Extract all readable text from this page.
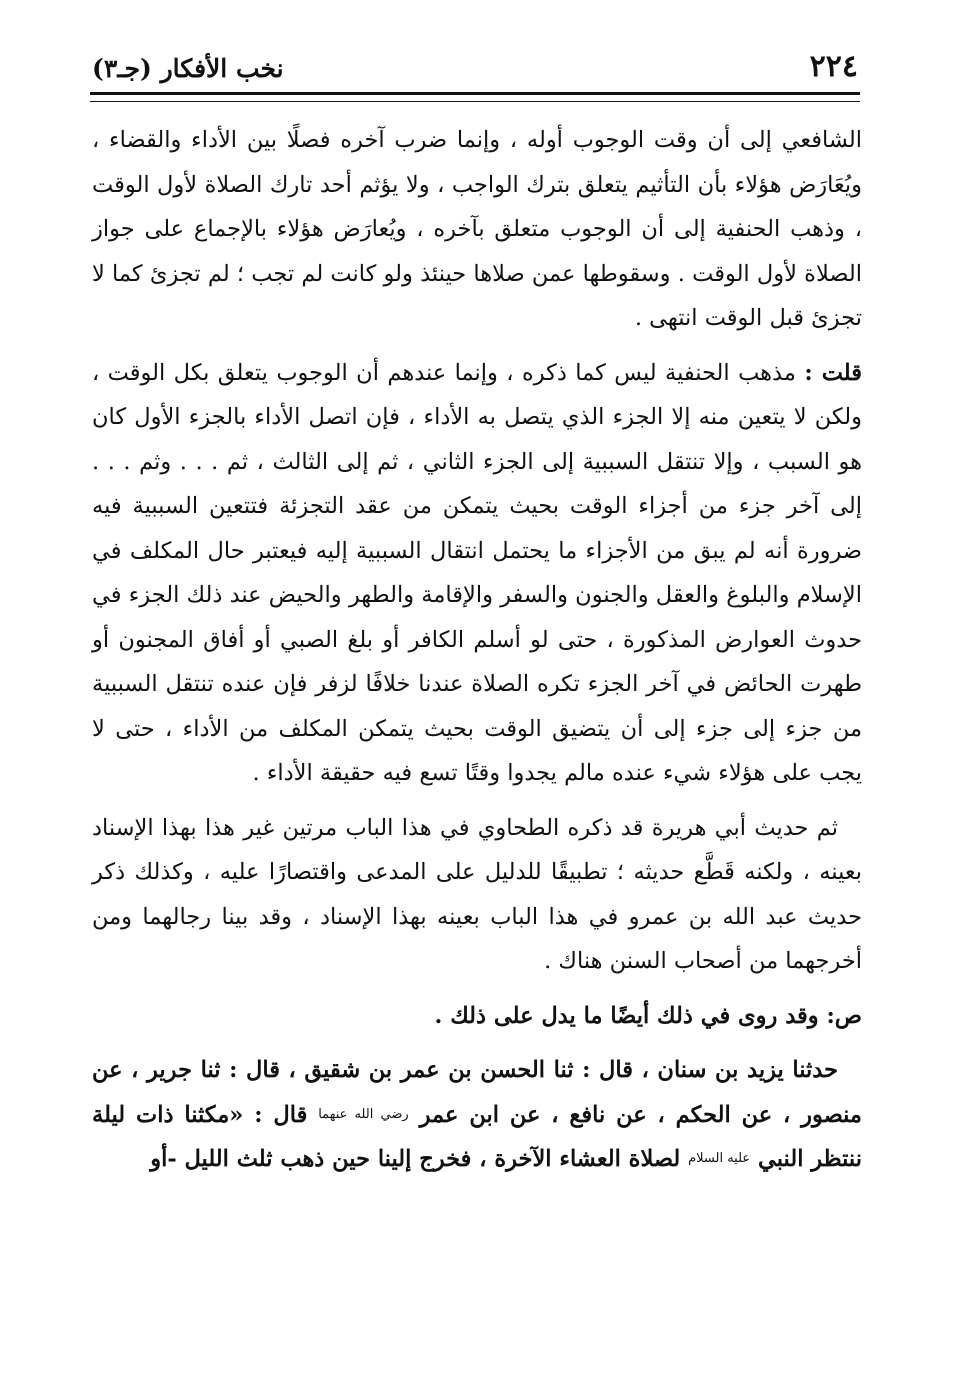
٢٢٤
نخب الأفكار (جـ٣)

الشافعي إلى أن وقت الوجوب أوله ، وإنما ضرب آخره فصلًا بين الأداء والقضاء ، ويُعَارَض هؤلاء بأن التأثيم يتعلق بترك الواجب ، ولا يؤثم أحد تارك الصلاة لأول الوقت ، وذهب الحنفية إلى أن الوجوب متعلق بآخره ، ويُعارَض هؤلاء بالإجماع على جواز الصلاة لأول الوقت . وسقوطها عمن صلاها حينئذ ولو كانت لم تجب ؛ لم تجزئ كما لا تجزئ قبل الوقت انتهى .

قلت : مذهب الحنفية ليس كما ذكره ، وإنما عندهم أن الوجوب يتعلق بكل الوقت ، ولكن لا يتعين منه إلا الجزء الذي يتصل به الأداء ، فإن اتصل الأداء بالجزء الأول كان هو السبب ، وإلا تنتقل السببية إلى الجزء الثاني ، ثم إلى الثالث ، ثم . . . وثم . . . إلى آخر جزء من أجزاء الوقت بحيث يتمكن من عقد التجزئة فتتعين السببية فيه ضرورة أنه لم يبق من الأجزاء ما يحتمل انتقال السببية إليه فيعتبر حال المكلف في الإسلام والبلوغ والعقل والجنون والسفر والإقامة والطهر والحيض عند ذلك الجزء في حدوث العوارض المذكورة ، حتى لو أسلم الكافر أو بلغ الصبي أو أفاق المجنون أو طهرت الحائض في آخر الجزء تكره الصلاة عندنا خلافًا لزفر فإن عنده تنتقل السببية من جزء إلى جزء إلى أن يتضيق الوقت بحيث يتمكن المكلف من الأداء ، حتى لا يجب على هؤلاء شيء عنده مالم يجدوا وقتًا تسع فيه حقيقة الأداء .

ثم حديث أبي هريرة قد ذكره الطحاوي في هذا الباب مرتين غير هذا بهذا الإسناد بعينه ، ولكنه قَطَّع حديثه ؛ تطبيقًا للدليل على المدعى واقتصارًا عليه ، وكذلك ذكر حديث عبد الله بن عمرو في هذا الباب بعينه بهذا الإسناد ، وقد بينا رجالهما ومن أخرجهما من أصحاب السنن هناك .

ص: وقد روى في ذلك أيضًا ما يدل على ذلك .

حدثنا يزيد بن سنان ، قال : ثنا الحسن بن عمر بن شقيق ، قال : ثنا جرير ، عن منصور ، عن الحكم ، عن نافع ، عن ابن عمر رضي الله عنهما قال : «مكثنا ذات ليلة ننتظر النبي عليه السلام لصلاة العشاء الآخرة ، فخرج إلينا حين ذهب ثلث الليل -أو
